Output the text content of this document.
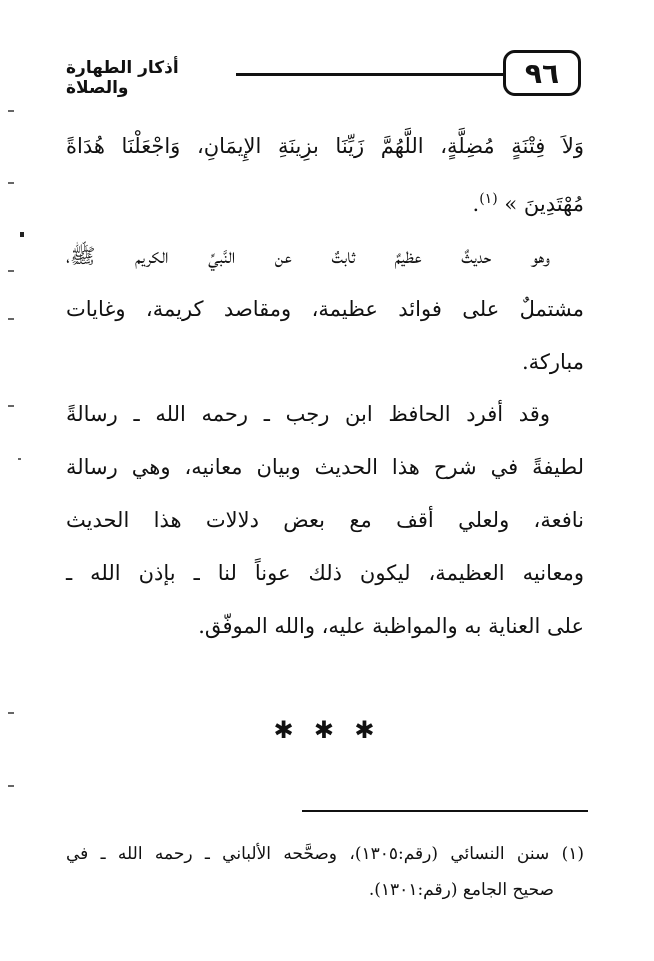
٩٦
أذكار الطهارة والصلاة

وَلاَ فِتْنَةٍ مُضِلَّةٍ، اللَّهُمَّ زَيِّنَا بزِينَةِ الإِيمَانِ، وَاجْعَلْنَا هُدَاةً
مُهْتَدِينَ » $^{(١)}$.

وهو حديثٌ عظيمٌ ثابتٌ عن النَّبيِّ الكريم ﷺ،
مشتملٌ على فوائد عظيمة، ومقاصد كريمة، وغايات
مباركة.

وقد أفرد الحافظ ابن رجب ـ رحمه الله ـ رسالةً
لطيفةً في شرح هذا الحديث وبيان معانيه، وهي رسالة
نافعة، ولعلي أقف مع بعض دلالات هذا الحديث
ومعانيه العظيمة، ليكون ذلك عوناً لنا ـ بإذن الله ـ
على العناية به والمواظبة عليه، والله الموفّق.

✱ ✱ ✱

(١) سنن النسائي (رقم:١٣٠٥)، وصحَّحه الألباني ـ رحمه الله ـ في
صحيح الجامع (رقم:١٣٠١).
